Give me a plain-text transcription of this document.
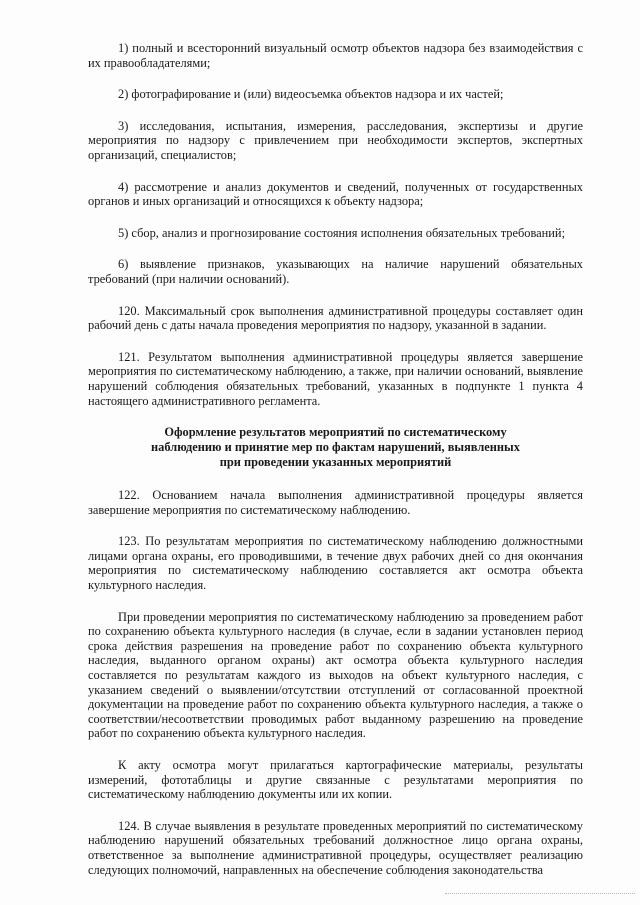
1) полный и всесторонний визуальный осмотр объектов надзора без взаимодействия с их правообладателями;

2) фотографирование и (или) видеосъемка объектов надзора и их частей;

3) исследования, испытания, измерения, расследования, экспертизы и другие мероприятия по надзору с привлечением при необходимости экспертов, экспертных организаций, специалистов;

4) рассмотрение и анализ документов и сведений, полученных от государственных органов и иных организаций и относящихся к объекту надзора;

5) сбор, анализ и прогнозирование состояния исполнения обязательных требований;

6) выявление признаков, указывающих на наличие нарушений обязательных требований (при наличии оснований).

120. Максимальный срок выполнения административной процедуры составляет один рабочий день с даты начала проведения мероприятия по надзору, указанной в задании.

121. Результатом выполнения административной процедуры является завершение мероприятия по систематическому наблюдению, а также, при наличии оснований, выявление нарушений соблюдения обязательных требований, указанных в подпункте 1 пункта 4 настоящего административного регламента.

Оформление результатов мероприятий по систематическому
наблюдению и принятие мер по фактам нарушений, выявленных
при проведении указанных мероприятий

122. Основанием начала выполнения административной процедуры является завершение мероприятия по систематическому наблюдению.

123. По результатам мероприятия по систематическому наблюдению должностными лицами органа охраны, его проводившими, в течение двух рабочих дней со дня окончания мероприятия по систематическому наблюдению составляется акт осмотра объекта культурного наследия.

При проведении мероприятия по систематическому наблюдению за проведением работ по сохранению объекта культурного наследия (в случае, если в задании установлен период срока действия разрешения на проведение работ по сохранению объекта культурного наследия, выданного органом охраны) акт осмотра объекта культурного наследия составляется по результатам каждого из выходов на объект культурного наследия, с указанием сведений о выявлении/отсутствии отступлений от согласованной проектной документации на проведение работ по сохранению объекта культурного наследия, а также о соответствии/несоответствии проводимых работ выданному разрешению на проведение работ по сохранению объекта культурного наследия.

К акту осмотра могут прилагаться картографические материалы, результаты измерений, фототаблицы и другие связанные с результатами мероприятия по систематическому наблюдению документы или их копии.

124. В случае выявления в результате проведенных мероприятий по систематическому наблюдению нарушений обязательных требований должностное лицо органа охраны, ответственное за выполнение административной процедуры, осуществляет реализацию следующих полномочий, направленных на обеспечение соблюдения законодательства
